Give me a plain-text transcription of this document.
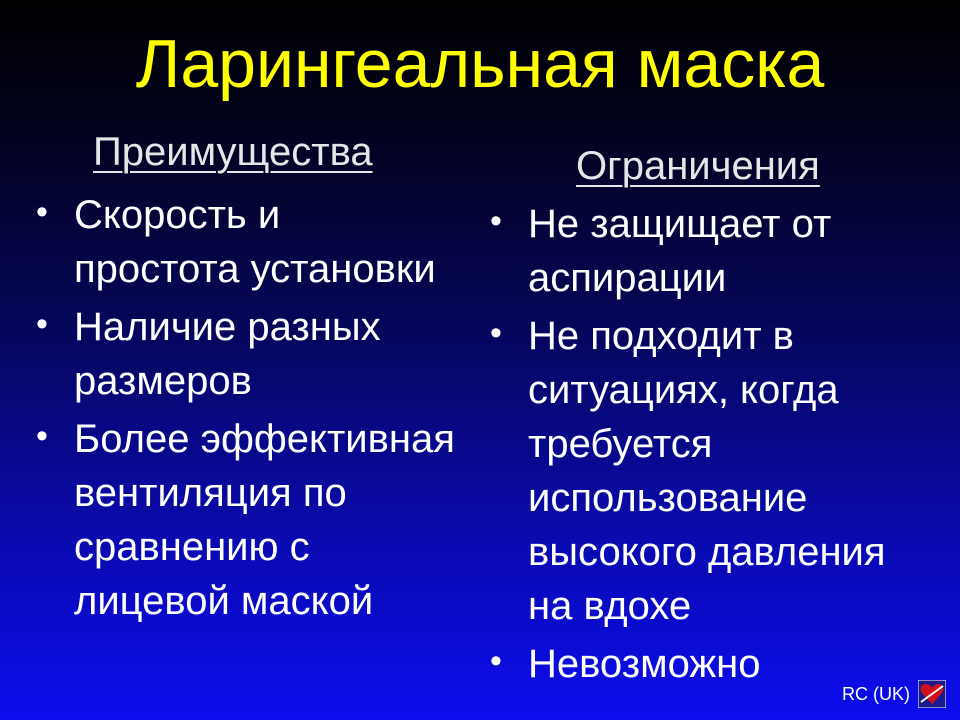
Ларингеальная маска
Преимущества
• Скорость и простота установки
• Наличие разных размеров
• Более эффективная вентиляция по сравнению с лицевой маской
Ограничения
• Не защищает от аспирации
• Не подходит в ситуациях, когда требуется использование высокого давления на вдохе
• Невозможно
RC (UK)
